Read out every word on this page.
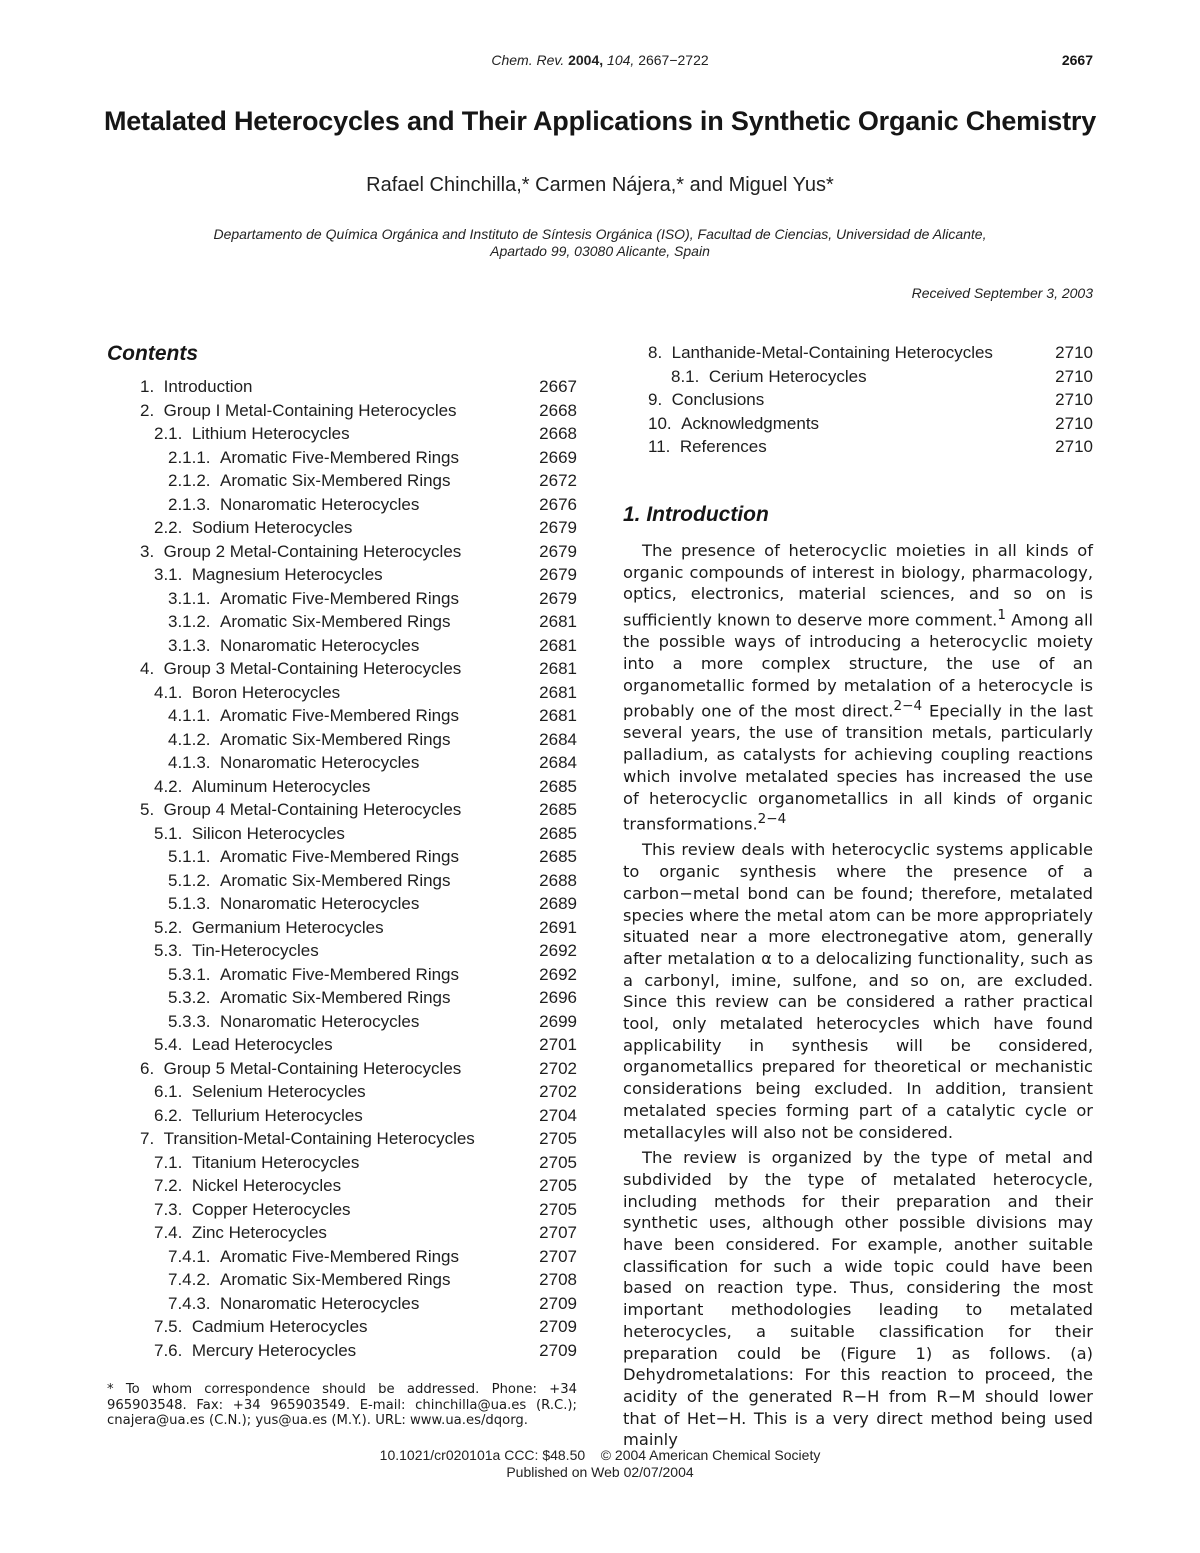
Chem. Rev. 2004, 104, 2667−2722	2667
Metalated Heterocycles and Their Applications in Synthetic Organic Chemistry
Rafael Chinchilla,* Carmen Nájera,* and Miguel Yus*
Departamento de Química Orgánica and Instituto de Síntesis Orgánica (ISO), Facultad de Ciencias, Universidad de Alicante,
Apartado 99, 03080 Alicante, Spain
Received September 3, 2003
Contents
1. Introduction	2667
2. Group I Metal-Containing Heterocycles	2668
2.1. Lithium Heterocycles	2668
2.1.1. Aromatic Five-Membered Rings	2669
2.1.2. Aromatic Six-Membered Rings	2672
2.1.3. Nonaromatic Heterocycles	2676
2.2. Sodium Heterocycles	2679
3. Group 2 Metal-Containing Heterocycles	2679
3.1. Magnesium Heterocycles	2679
3.1.1. Aromatic Five-Membered Rings	2679
3.1.2. Aromatic Six-Membered Rings	2681
3.1.3. Nonaromatic Heterocycles	2681
4. Group 3 Metal-Containing Heterocycles	2681
4.1. Boron Heterocycles	2681
4.1.1. Aromatic Five-Membered Rings	2681
4.1.2. Aromatic Six-Membered Rings	2684
4.1.3. Nonaromatic Heterocycles	2684
4.2. Aluminum Heterocycles	2685
5. Group 4 Metal-Containing Heterocycles	2685
5.1. Silicon Heterocycles	2685
5.1.1. Aromatic Five-Membered Rings	2685
5.1.2. Aromatic Six-Membered Rings	2688
5.1.3. Nonaromatic Heterocycles	2689
5.2. Germanium Heterocycles	2691
5.3. Tin-Heterocycles	2692
5.3.1. Aromatic Five-Membered Rings	2692
5.3.2. Aromatic Six-Membered Rings	2696
5.3.3. Nonaromatic Heterocycles	2699
5.4. Lead Heterocycles	2701
6. Group 5 Metal-Containing Heterocycles	2702
6.1. Selenium Heterocycles	2702
6.2. Tellurium Heterocycles	2704
7. Transition-Metal-Containing Heterocycles	2705
7.1. Titanium Heterocycles	2705
7.2. Nickel Heterocycles	2705
7.3. Copper Heterocycles	2705
7.4. Zinc Heterocycles	2707
7.4.1. Aromatic Five-Membered Rings	2707
7.4.2. Aromatic Six-Membered Rings	2708
7.4.3. Nonaromatic Heterocycles	2709
7.5. Cadmium Heterocycles	2709
7.6. Mercury Heterocycles	2709
8. Lanthanide-Metal-Containing Heterocycles	2710
8.1. Cerium Heterocycles	2710
9. Conclusions	2710
10. Acknowledgments	2710
11. References	2710
1. Introduction

The presence of heterocyclic moieties in all kinds of organic compounds of interest in biology, pharmacology, optics, electronics, material sciences, and so on is sufficiently known to deserve more comment.$^1$ Among all the possible ways of introducing a heterocyclic moiety into a more complex structure, the use of an organometallic formed by metalation of a heterocycle is probably one of the most direct.$^{2-4}$ Epecially in the last several years, the use of transition metals, particularly palladium, as catalysts for achieving coupling reactions which involve metalated species has increased the use of heterocyclic organometallics in all kinds of organic transformations.$^{2-4}$

This review deals with heterocyclic systems applicable to organic synthesis where the presence of a carbon−metal bond can be found; therefore, metalated species where the metal atom can be more appropriately situated near a more electronegative atom, generally after metalation α to a delocalizing functionality, such as a carbonyl, imine, sulfone, and so on, are excluded. Since this review can be considered a rather practical tool, only metalated heterocycles which have found applicability in synthesis will be considered, organometallics prepared for theoretical or mechanistic considerations being excluded. In addition, transient metalated species forming part of a catalytic cycle or metallacyles will also not be considered.

The review is organized by the type of metal and subdivided by the type of metalated heterocycle, including methods for their preparation and their synthetic uses, although other possible divisions may have been considered. For example, another suitable classification for such a wide topic could have been based on reaction type. Thus, considering the most important methodologies leading to metalated heterocycles, a suitable classification for their preparation could be (Figure 1) as follows. (a) Dehydrometalations: For this reaction to proceed, the acidity of the generated R−H from R−M should lower that of Het−H. This is a very direct method being used mainly

* To whom correspondence should be addressed. Phone: +34 965903548. Fax: +34 965903549. E-mail: chinchilla@ua.es (R.C.); cnajera@ua.es (C.N.); yus@ua.es (M.Y.). URL: www.ua.es/dqorg.
10.1021/cr020101a CCC: $48.50    © 2004 American Chemical Society
Published on Web 02/07/2004
